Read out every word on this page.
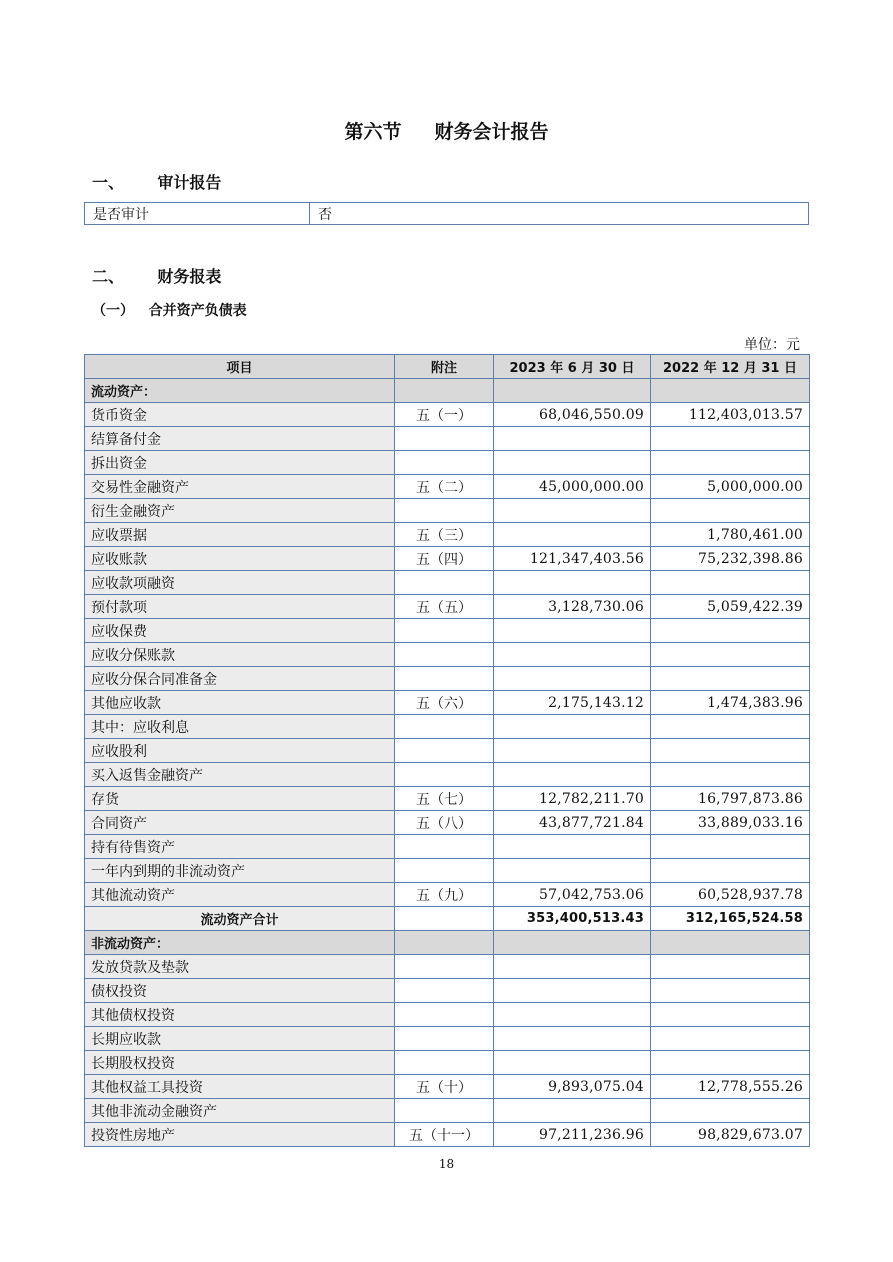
第六节     财务会计报告
一、      审计报告
是否审计	否
二、      财务报表
（一）   合并资产负债表
单位：元
项目	附注	2023 年 6 月 30 日	2022 年 12 月 31 日
流动资产：			
货币资金	五（一）	68,046,550.09	112,403,013.57
结算备付金			
拆出资金			
交易性金融资产	五（二）	45,000,000.00	5,000,000.00
衍生金融资产			
应收票据	五（三）		1,780,461.00
应收账款	五（四）	121,347,403.56	75,232,398.86
应收款项融资			
预付款项	五（五）	3,128,730.06	5,059,422.39
应收保费			
应收分保账款			
应收分保合同准备金			
其他应收款	五（六）	2,175,143.12	1,474,383.96
其中：应收利息			
应收股利			
买入返售金融资产			
存货	五（七）	12,782,211.70	16,797,873.86
合同资产	五（八）	43,877,721.84	33,889,033.16
持有待售资产			
一年内到期的非流动资产			
其他流动资产	五（九）	57,042,753.06	60,528,937.78
流动资产合计		353,400,513.43	312,165,524.58
非流动资产：			
发放贷款及垫款			
债权投资			
其他债权投资			
长期应收款			
长期股权投资			
其他权益工具投资	五（十）	9,893,075.04	12,778,555.26
其他非流动金融资产			
投资性房地产	五（十一）	97,211,236.96	98,829,673.07
18
